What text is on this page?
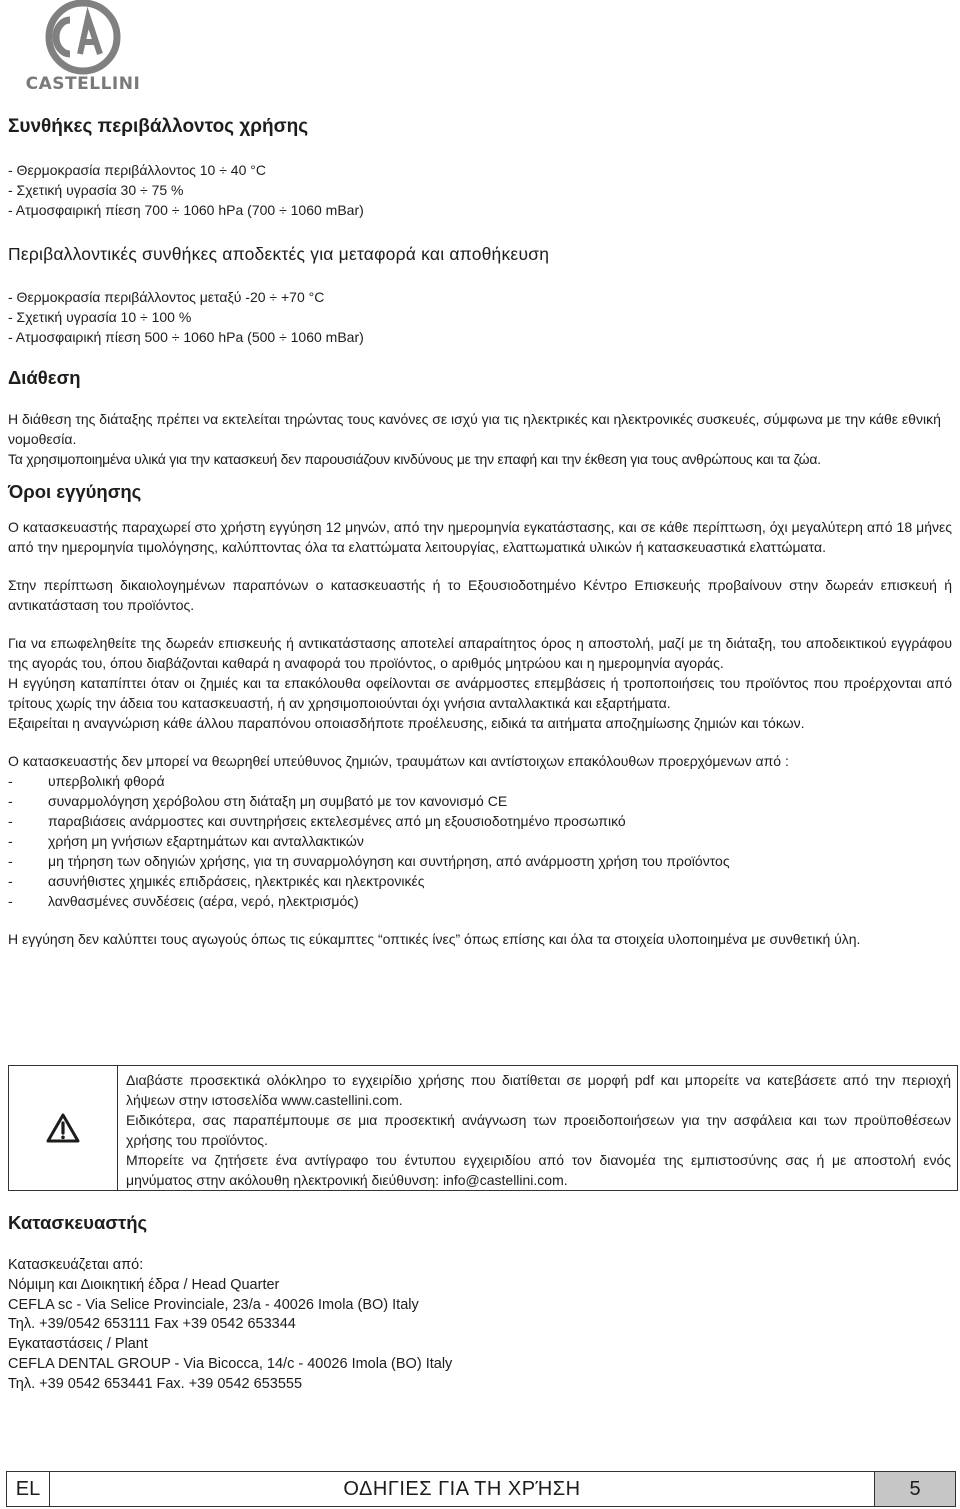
CASTELLINI
Συνθήκες περιβάλλοντος χρήσης

- Θερμοκρασία περιβάλλοντος 10 ÷ 40 °C

- Σχετική υγρασία 30 ÷ 75 %

- Ατμοσφαιρική πίεση 700 ÷ 1060 hPa (700 ÷ 1060 mBar)

Περιβαλλοντικές συνθήκες αποδεκτές για μεταφορά και αποθήκευση

- Θερμοκρασία περιβάλλοντος μεταξύ -20 ÷ +70 °C

- Σχετική υγρασία 10 ÷ 100 %

- Ατμοσφαιρική πίεση 500 ÷ 1060 hPa (500 ÷ 1060 mBar)

Διάθεση

Η διάθεση της διάταξης πρέπει να εκτελείται τηρώντας τους κανόνες σε ισχύ για τις ηλεκτρικές και ηλεκτρονικές συσκευές, σύμφωνα με την κάθε εθνική νομοθεσία.

Τα χρησιμοποιημένα υλικά για την κατασκευή δεν παρουσιάζουν κινδύνους με την επαφή και την έκθεση για τους ανθρώπους και τα ζώα.

Όροι εγγύησης

Ο κατασκευαστής παραχωρεί στο χρήστη εγγύηση 12 μηνών, από την ημερομηνία εγκατάστασης, και σε κάθε περίπτωση, όχι μεγαλύτερη από 18 μήνες από την ημερομηνία τιμολόγησης, καλύπτοντας όλα τα ελαττώματα λειτουργίας, ελαττωματικά υλικών ή κατασκευαστικά ελαττώματα.

Στην περίπτωση δικαιολογημένων παραπόνων ο κατασκευαστής ή το Εξουσιοδοτημένο Κέντρο Επισκευής προβαίνουν στην δωρεάν επισκευή ή αντικατάσταση του προϊόντος.

Για να επωφεληθείτε της δωρεάν επισκευής ή αντικατάστασης αποτελεί απαραίτητος όρος η αποστολή, μαζί με τη διάταξη, του αποδεικτικού εγγράφου της αγοράς του, όπου διαβάζονται καθαρά η αναφορά του προϊόντος, ο αριθμός μητρώου και η ημερομηνία αγοράς.

Η εγγύηση καταπίπτει όταν οι ζημιές και τα επακόλουθα οφείλονται σε ανάρμοστες επεμβάσεις ή τροποποιήσεις του προϊόντος που προέρχονται από τρίτους χωρίς την άδεια του κατασκευαστή, ή αν χρησιμοποιούνται όχι γνήσια ανταλλακτικά και εξαρτήματα.

Εξαιρείται η αναγνώριση κάθε άλλου παραπόνου οποιασδήποτε προέλευσης, ειδικά τα αιτήματα αποζημίωσης ζημιών και τόκων.

Ο κατασκευαστής δεν μπορεί να θεωρηθεί υπεύθυνος ζημιών, τραυμάτων και αντίστοιχων επακόλουθων προερχόμενων από :

-	υπερβολική φθορά
-	συναρμολόγηση χερόβολου στη διάταξη μη συμβατό με τον κανονισμό CE
-	παραβιάσεις ανάρμοστες και συντηρήσεις εκτελεσμένες από μη εξουσιοδοτημένο προσωπικό
-	χρήση μη γνήσιων εξαρτημάτων και ανταλλακτικών
-	μη τήρηση των οδηγιών χρήσης, για τη συναρμολόγηση και συντήρηση, από ανάρμοστη χρήση του προϊόντος
-	ασυνήθιστες χημικές επιδράσεις, ηλεκτρικές και ηλεκτρονικές
-	λανθασμένες συνδέσεις (αέρα, νερό, ηλεκτρισμός)

Η εγγύηση δεν καλύπτει τους αγωγούς όπως τις εύκαμπτες “οπτικές ίνες” όπως επίσης και όλα τα στοιχεία υλοποιημένα με συνθετική ύλη.

Διαβάστε προσεκτικά ολόκληρο το εγχειρίδιο χρήσης που διατίθεται σε μορφή pdf και μπορείτε να κατεβάσετε από την περιοχή λήψεων στην ιστοσελίδα www.castellini.com.

Ειδικότερα, σας παραπέμπουμε σε μια προσεκτική ανάγνωση των προειδοποιήσεων για την ασφάλεια και των προϋποθέσεων χρήσης του προϊόντος.

Μπορείτε να ζητήσετε ένα αντίγραφο του έντυπου εγχειριδίου από τον διανομέα της εμπιστοσύνης σας ή με αποστολή ενός μηνύματος στην ακόλουθη ηλεκτρονική διεύθυνση: info@castellini.com.

Κατασκευαστής

Κατασκευάζεται από:

Νόμιμη και Διοικητική έδρα / Head Quarter

CEFLA sc - Via Selice Provinciale, 23/a - 40026 Imola (BO) Italy

Τηλ. +39/0542 653111 Fax +39 0542 653344

Εγκαταστάσεις / Plant

CEFLA DENTAL GROUP - Via Bicocca, 14/c - 40026 Imola (BO) Italy

Τηλ. +39 0542 653441 Fax. +39 0542 653555

EL	ΟΔΗΓΙΕΣ ΓΙΑ ΤΗ ΧΡΉΣΗ	5
